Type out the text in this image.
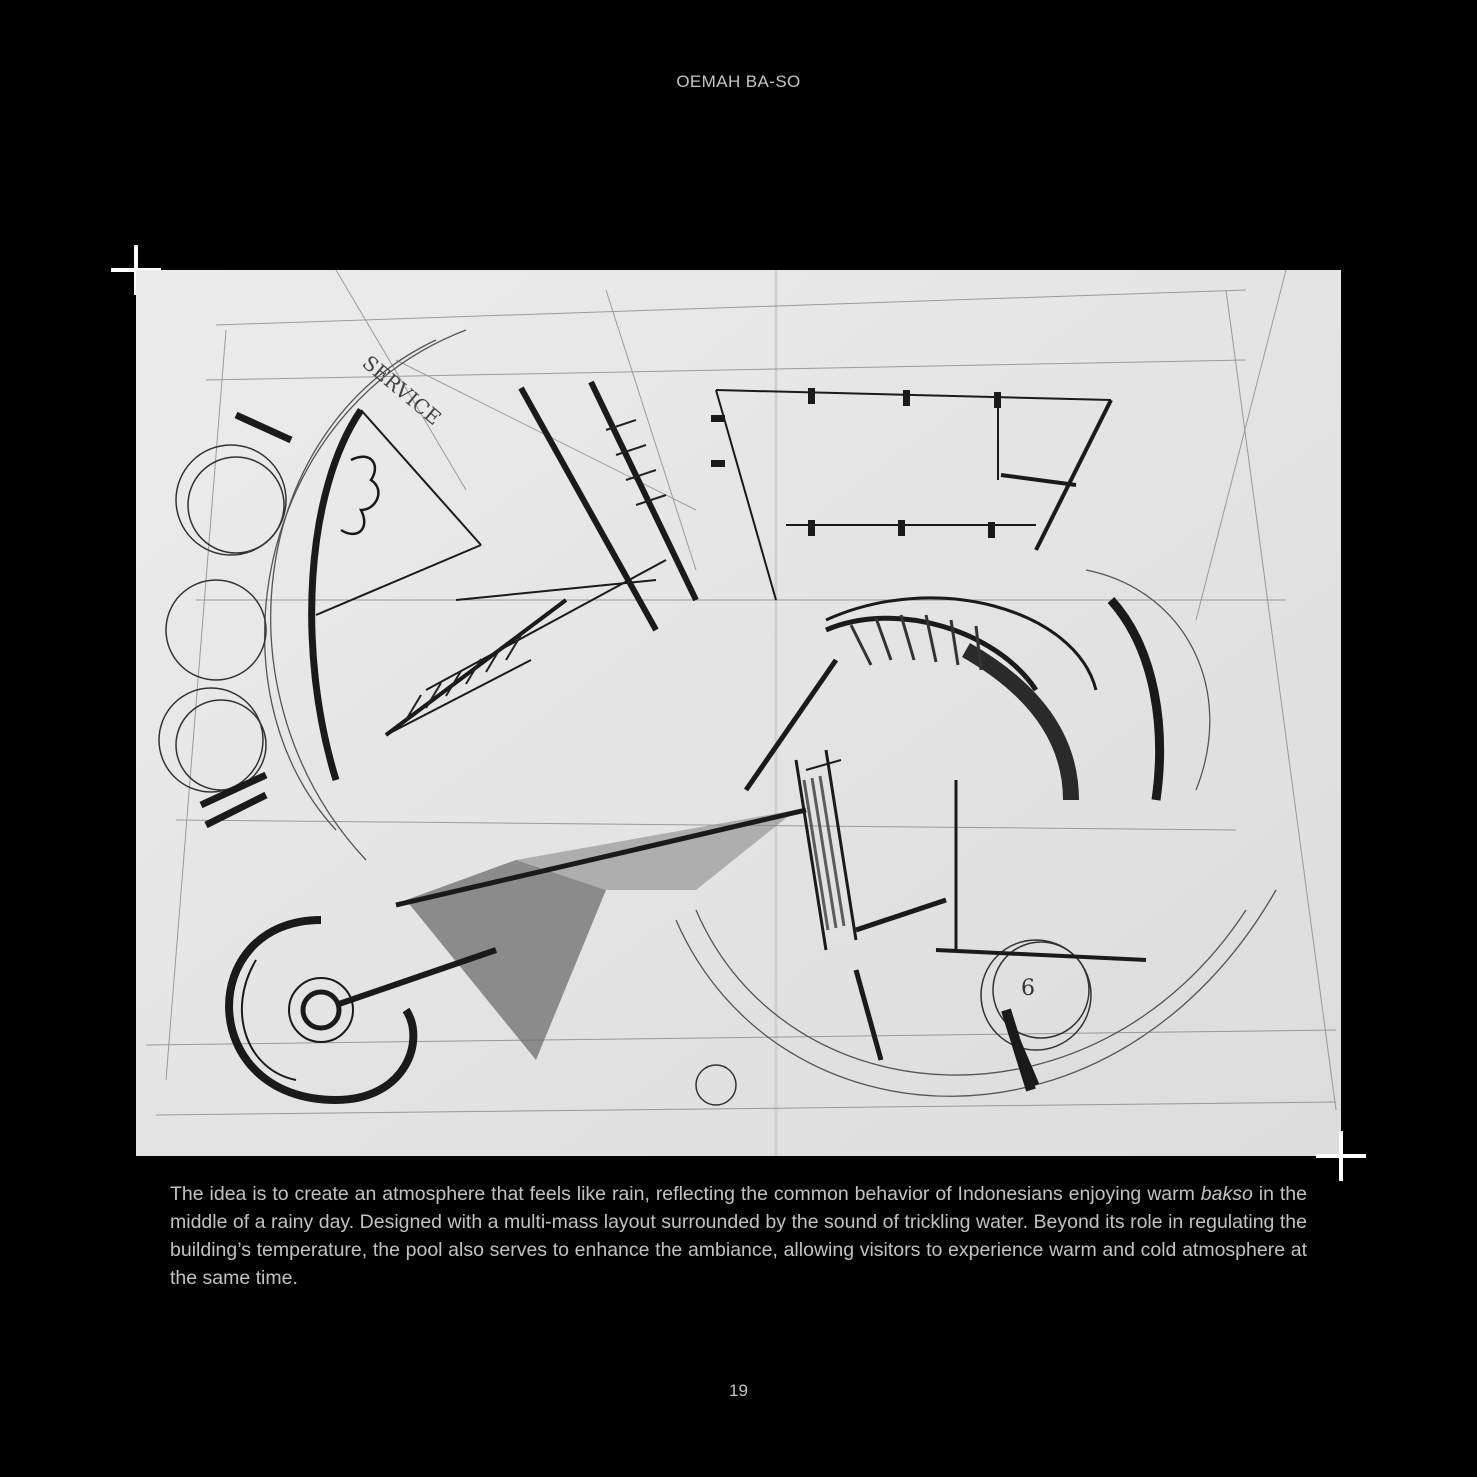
OEMAH BA-SO
SERVICE
6
The idea is to create an atmosphere that feels like rain, reflecting the common behavior of Indonesians enjoying warm bakso in the middle of a rainy day. Designed with a multi-mass layout surrounded by the sound of trickling water. Beyond its role in regulating the building’s temperature, the pool also serves to enhance the ambiance, allowing visitors to experience warm and cold atmosphere at the same time.
19
